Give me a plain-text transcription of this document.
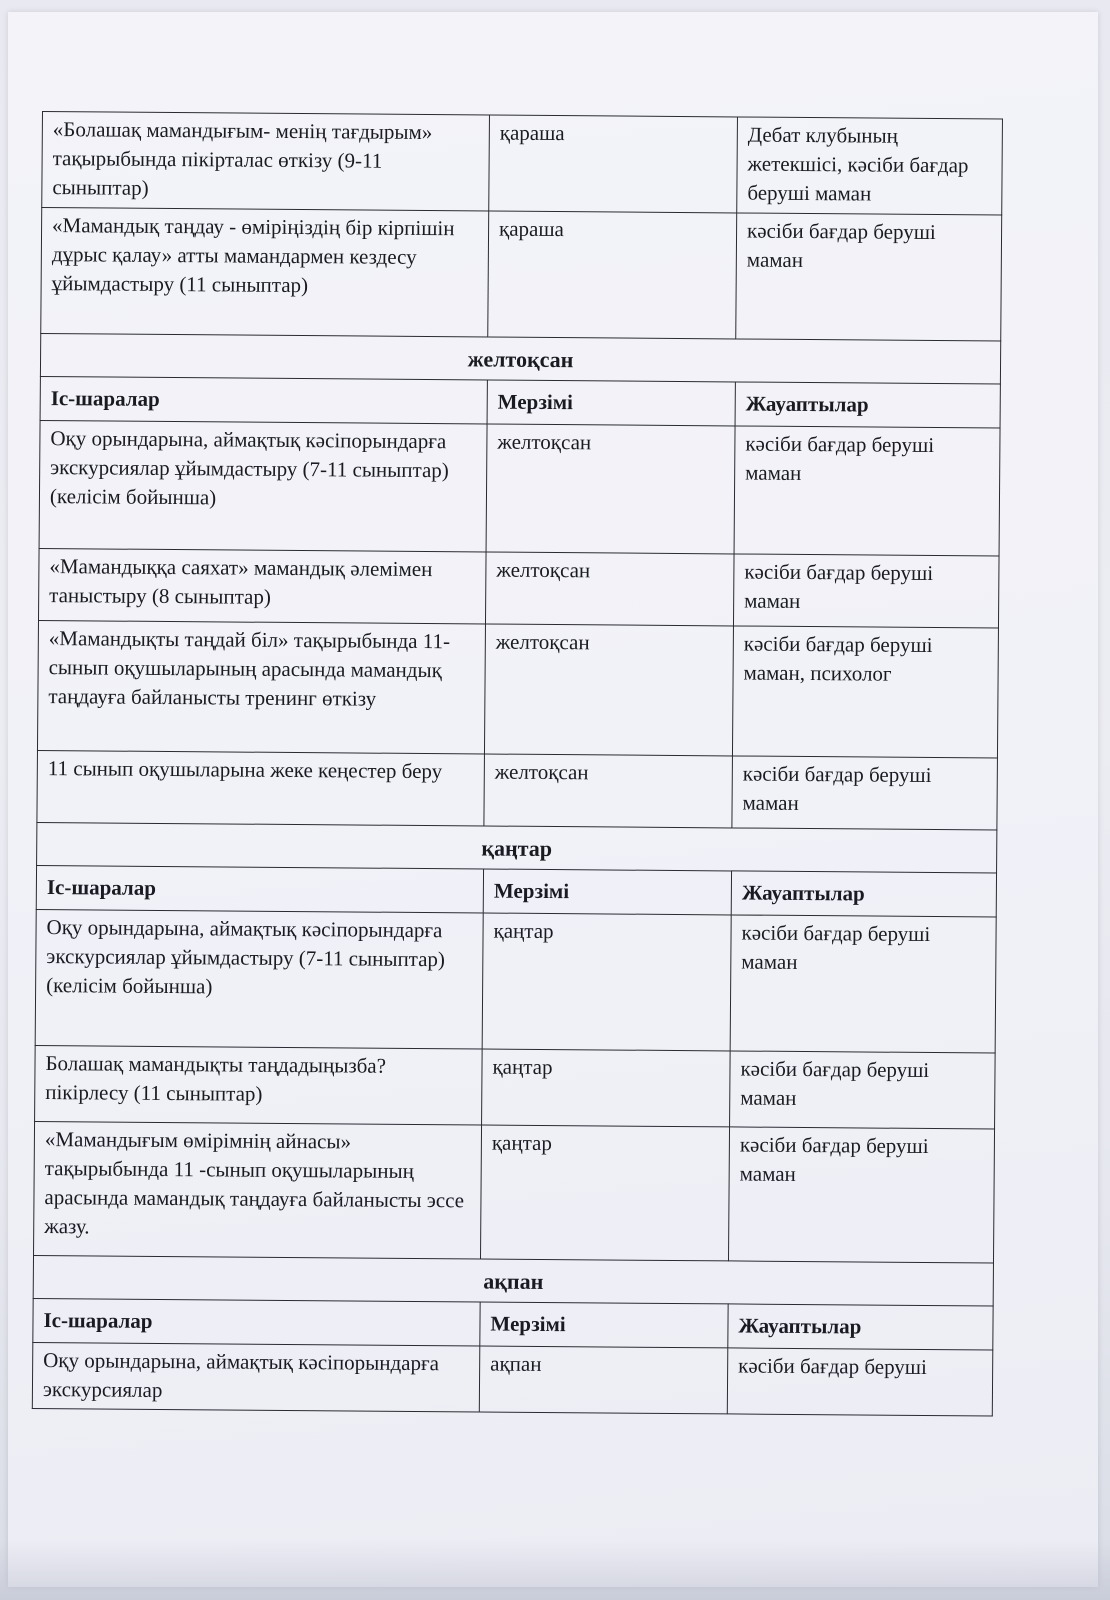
«Болашақ мамандығым- менің тағдырым» тақырыбында пікірталас өткізу (9-11 сыныптар)	қараша	Дебат клубының жетекшісі, кәсіби бағдар беруші маман
«Мамандық таңдау - өміріңіздің бір кірпішін дұрыс қалау» атты мамандармен кездесу ұйымдастыру (11 сыныптар)	қараша	кәсіби бағдар беруші маман
желтоқсан		
Іс-шаралар	Мерзімі	Жауаптылар
Оқу орындарына, аймақтық кәсіпорындарға экскурсиялар ұйымдастыру (7-11 сыныптар) (келісім бойынша)	желтоқсан	кәсіби бағдар беруші маман
«Мамандыққа саяхат» мамандық әлемімен таныстыру (8 сыныптар)	желтоқсан	кәсіби бағдар беруші маман
«Мамандықты таңдай біл» тақырыбында 11-сынып оқушыларының арасында мамандық таңдауға байланысты тренинг өткізу	желтоқсан	кәсіби бағдар беруші маман, психолог
11 сынып оқушыларына жеке кеңестер беру	желтоқсан	кәсіби бағдар беруші маман
қаңтар		
Іс-шаралар	Мерзімі	Жауаптылар
Оқу орындарына, аймақтық кәсіпорындарға экскурсиялар ұйымдастыру (7-11 сыныптар) (келісім бойынша)	қаңтар	кәсіби бағдар беруші маман
Болашақ мамандықты таңдадыңызба? пікірлесу (11 сыныптар)	қаңтар	кәсіби бағдар беруші маман
«Мамандығым өмірімнің айнасы» тақырыбында 11 -сынып оқушыларының арасында мамандық таңдауға байланысты эссе жазу.	қаңтар	кәсіби бағдар беруші маман
ақпан		
Іс-шаралар	Мерзімі	Жауаптылар
Оқу орындарына, аймақтық кәсіпорындарға экскурсиялар	ақпан	кәсіби бағдар беруші
